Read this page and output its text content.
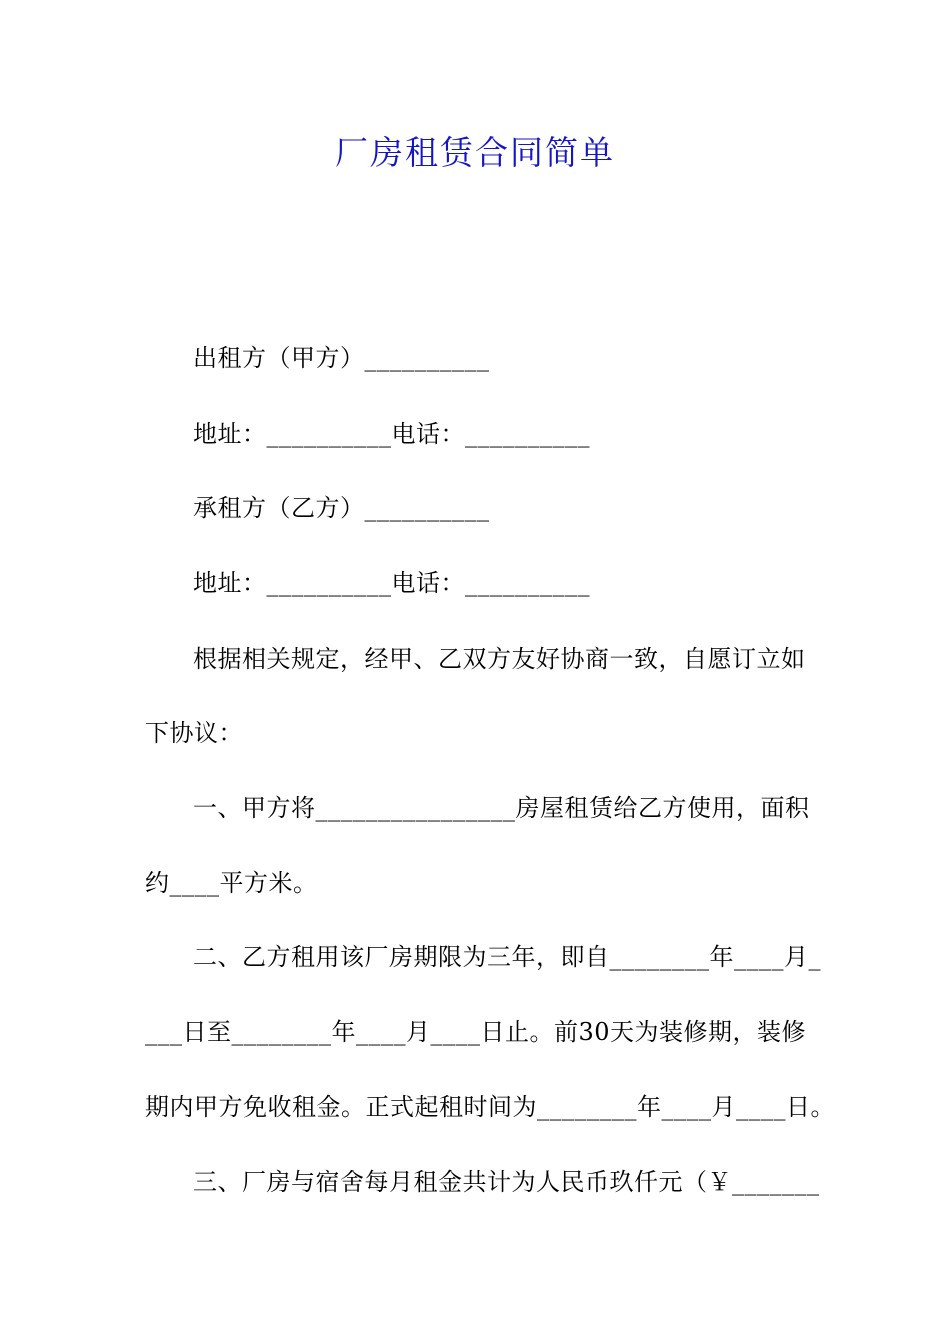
厂房租赁合同简单
出租方（甲方）__________
地址：__________电话：__________
承租方（乙方）__________
地址：__________电话：__________
根据相关规定，经甲、乙双方友好协商一致，自愿订立如
下协议：
一、甲方将________________房屋租赁给乙方使用，面积
约____平方米。
二、乙方租用该厂房期限为三年，即自________年____月_
___日至________年____月____日止。前30天为装修期，装修
期内甲方免收租金。正式起租时间为________年____月____日。
三、厂房与宿舍每月租金共计为人民币玖仟元（￥_______
